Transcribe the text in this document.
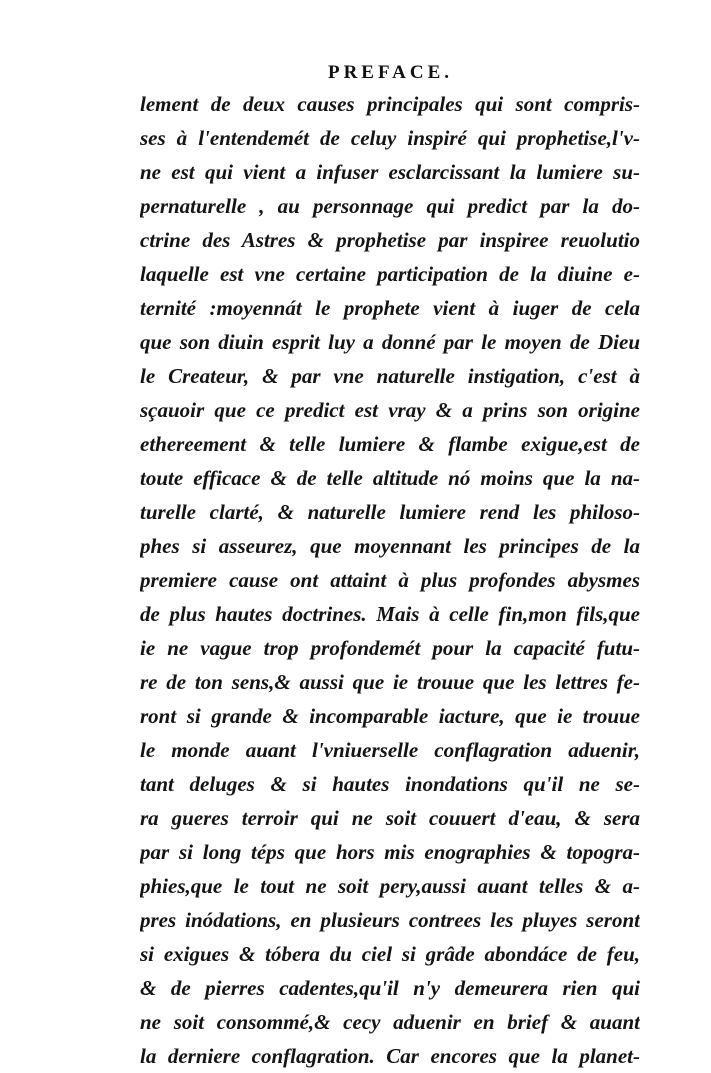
PREFACE.
lement de deux causes principales qui sont compris-
ses à l'entendemét de celuy inspiré qui prophetise,l'v-
ne est qui vient a infuser esclarcissant la lumiere su-
pernaturelle , au personnage qui predict par la do-
ctrine des Astres & prophetise par inspiree reuolutio
laquelle est vne certaine participation de la diuine e-
ternité :moyennát le prophete vient à iuger de cela
que son diuin esprit luy a donné par le moyen de Dieu
le Createur, & par vne naturelle instigation, c'est à
sçauoir que ce predict est vray & a prins son origine
ethereement & telle lumiere & flambe exigue,est de
toute efficace & de telle altitude nó moins que la na-
turelle clarté, & naturelle lumiere rend les philoso-
phes si asseurez, que moyennant les principes de la
premiere cause ont attaint à plus profondes abysmes
de plus hautes doctrines. Mais à celle fin,mon fils,que
ie ne vague trop profondemét pour la capacité futu-
re de ton sens,& aussi que ie trouue que les lettres fe-
ront si grande & incomparable iacture, que ie trouue
le monde auant l'vniuerselle conflagration aduenir,
tant deluges & si hautes inondations qu'il ne se-
ra gueres terroir qui ne soit couuert d'eau, & sera
par si long téps que hors mis enographies & topogra-
phies,que le tout ne soit pery,aussi auant telles & a-
pres inódations, en plusieurs contrees les pluyes seront
si exigues & tóbera du ciel si grâde abondáce de feu,
& de pierres cadentes,qu'il n'y demeurera rien qui
ne soit consommé,& cecy aduenir en brief & auant
la derniere conflagration. Car encores que la planet-
